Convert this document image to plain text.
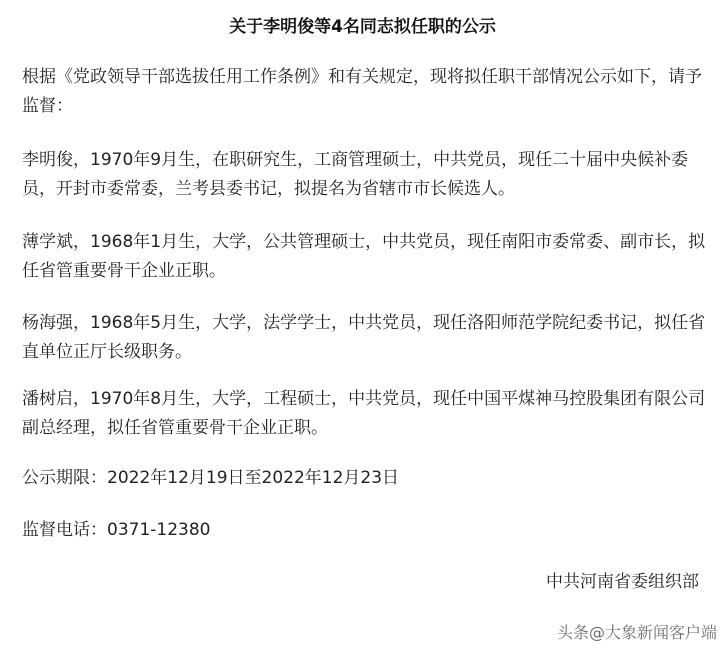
关于李明俊等4名同志拟任职的公示
根据《党政领导干部选拔任用工作条例》和有关规定，现将拟任职干部情况公示如下，请予监督：
李明俊，1970年9月生，在职研究生，工商管理硕士，中共党员，现任二十届中央候补委员，开封市委常委，兰考县委书记，拟提名为省辖市市长候选人。
薄学斌，1968年1月生，大学，公共管理硕士，中共党员，现任南阳市委常委、副市长，拟任省管重要骨干企业正职。
杨海强，1968年5月生，大学，法学学士，中共党员，现任洛阳师范学院纪委书记，拟任省直单位正厅长级职务。
潘树启，1970年8月生，大学，工程硕士，中共党员，现任中国平煤神马控股集团有限公司副总经理，拟任省管重要骨干企业正职。
公示期限：2022年12月19日至2022年12月23日
监督电话：0371-12380
中共河南省委组织部
头条@大象新闻客户端
